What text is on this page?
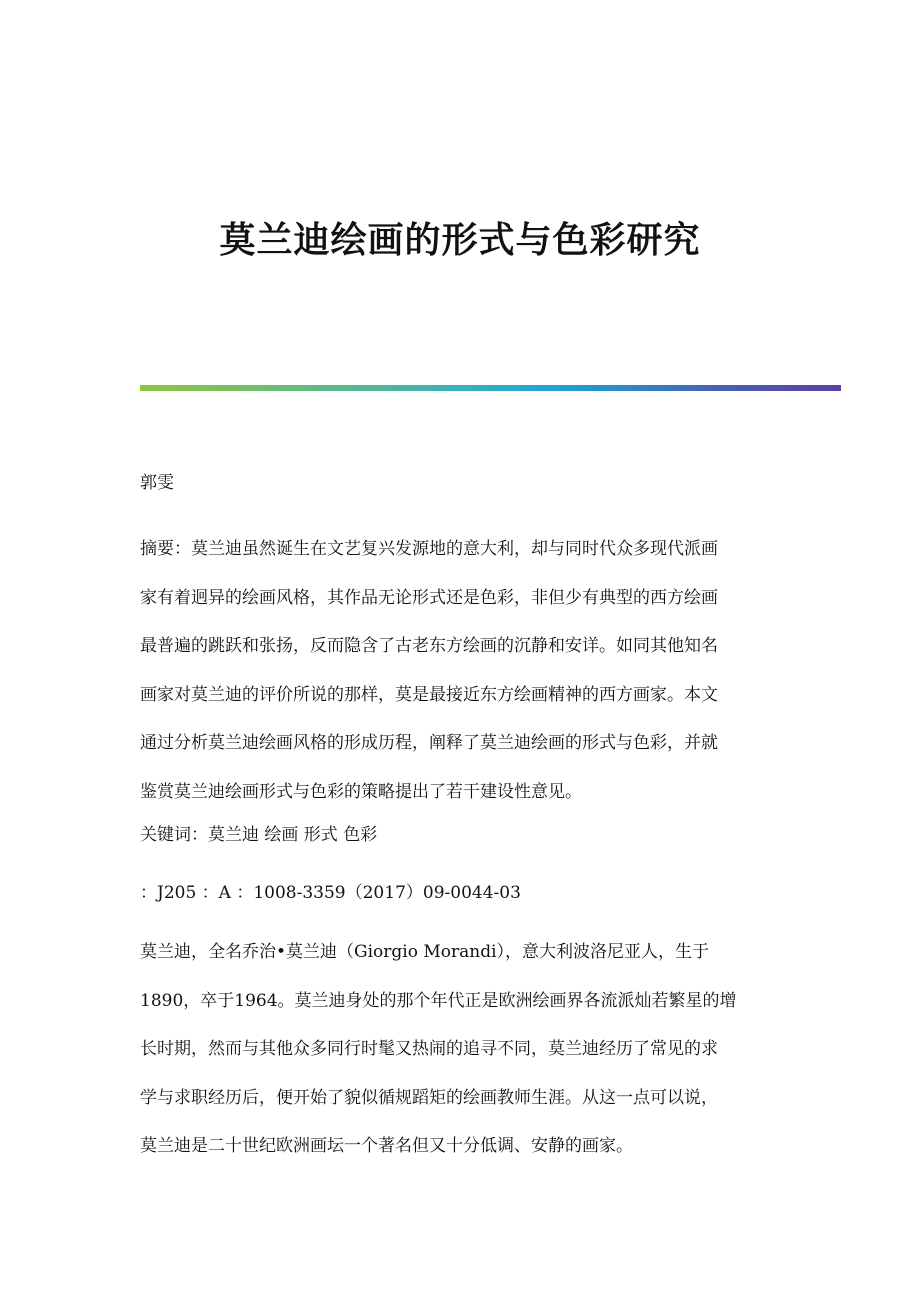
莫兰迪绘画的形式与色彩研究
郭雯
摘要：莫兰迪虽然诞生在文艺复兴发源地的意大利，却与同时代众多现代派画
家有着迥异的绘画风格，其作品无论形式还是色彩，非但少有典型的西方绘画
最普遍的跳跃和张扬，反而隐含了古老东方绘画的沉静和安详。如同其他知名
画家对莫兰迪的评价所说的那样，莫是最接近东方绘画精神的西方画家。本文
通过分析莫兰迪绘画风格的形成历程，阐释了莫兰迪绘画的形式与色彩，并就
鉴赏莫兰迪绘画形式与色彩的策略提出了若干建设性意见。
关键词：莫兰迪 绘画 形式 色彩
：J205 ：A ：1008-3359（2017）09-0044-03
莫兰迪，全名乔治•莫兰迪（Giorgio Morandi），意大利波洛尼亚人，生于
1890，卒于1964。莫兰迪身处的那个年代正是欧洲绘画界各流派灿若繁星的增
长时期，然而与其他众多同行时髦又热闹的追寻不同，莫兰迪经历了常见的求
学与求职经历后，便开始了貌似循规蹈矩的绘画教师生涯。从这一点可以说，
莫兰迪是二十世纪欧洲画坛一个著名但又十分低调、安静的画家。
